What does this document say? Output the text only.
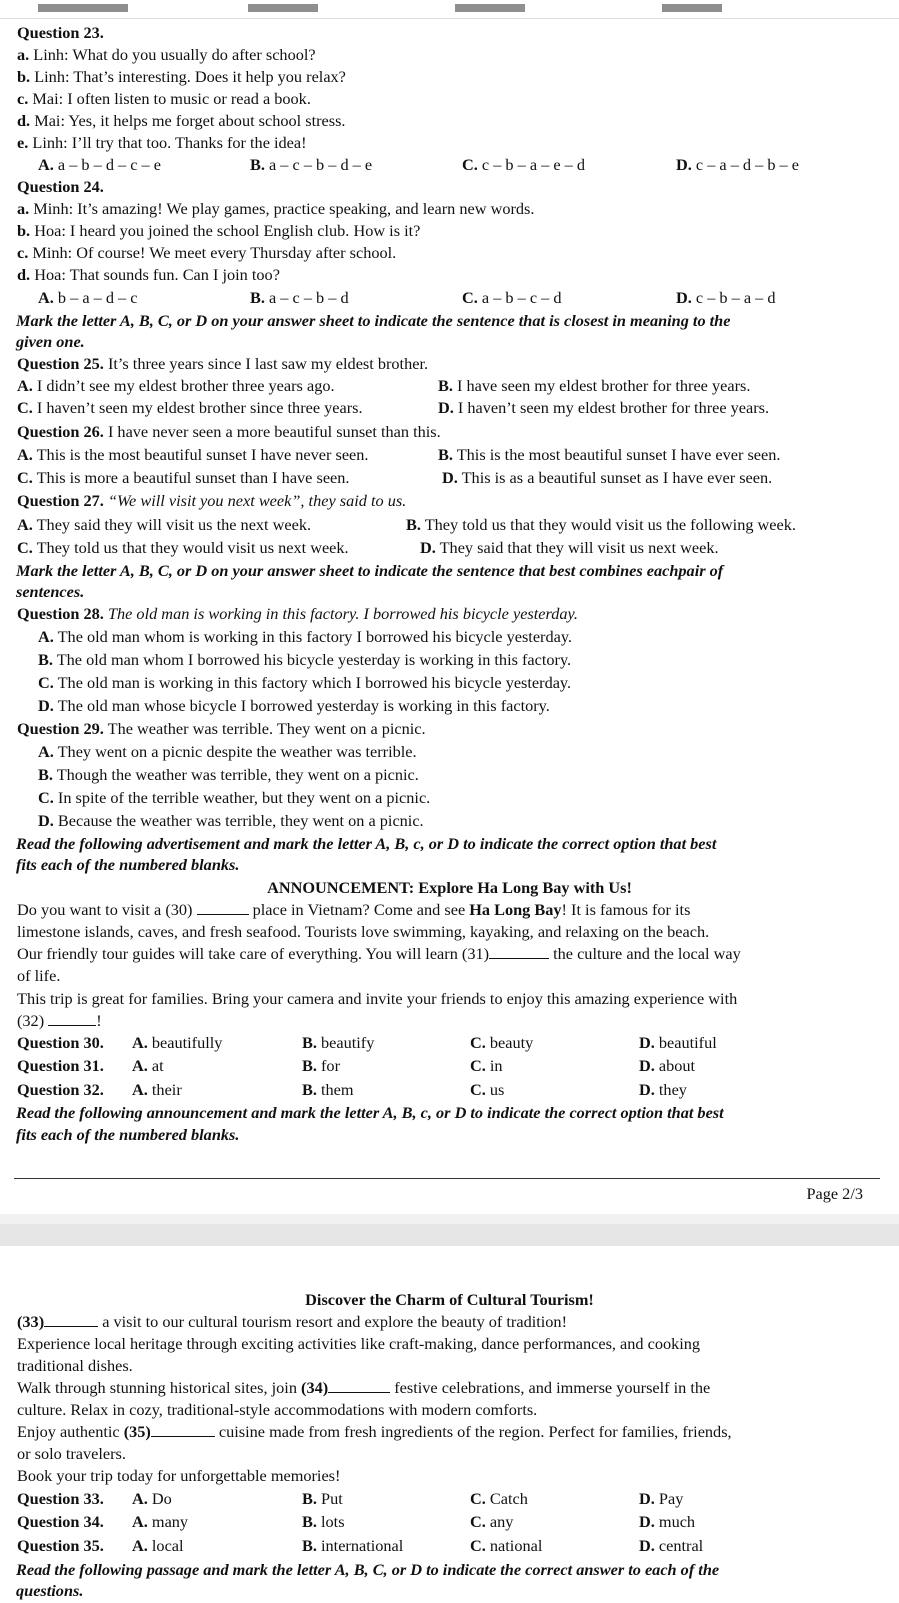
Question 23.
a. Linh: What do you usually do after school?
b. Linh: That’s interesting. Does it help you relax?
c. Mai: I often listen to music or read a book.
d. Mai: Yes, it helps me forget about school stress.
e. Linh: I’ll try that too. Thanks for the idea!
A. a – b – d – c – e	B. a – c – b – d – e	C. c – b – a – e – d	D. c – a – d – b – e
Question 24.
a. Minh: It’s amazing! We play games, practice speaking, and learn new words.
b. Hoa: I heard you joined the school English club. How is it?
c. Minh: Of course! We meet every Thursday after school.
d. Hoa: That sounds fun. Can I join too?
A. b – a – d – c	B. a – c – b – d	C. a – b – c – d	D. c – b – a – d
Mark the letter A, B, C, or D on your answer sheet to indicate the sentence that is closest in meaning to the
given one.
Question 25. It’s three years since I last saw my eldest brother.
A. I didn’t see my eldest brother three years ago.	B. I have seen my eldest brother for three years.
C. I haven’t seen my eldest brother since three years.	D. I haven’t seen my eldest brother for three years.
Question 26. I have never seen a more beautiful sunset than this.
A. This is the most beautiful sunset I have never seen.	B. This is the most beautiful sunset I have ever seen.
C. This is more a beautiful sunset than I have seen.	D. This is as a beautiful sunset as I have ever seen.
Question 27. “We will visit you next week”, they said to us.
A. They said they will visit us the next week.	B. They told us that they would visit us the following week.
C. They told us that they would visit us next week.	D. They said that they will visit us next week.
Mark the letter A, B, C, or D on your answer sheet to indicate the sentence that best combines eachpair of
sentences.
Question 28. The old man is working in this factory. I borrowed his bicycle yesterday.
A. The old man whom is working in this factory I borrowed his bicycle yesterday.
B. The old man whom I borrowed his bicycle yesterday is working in this factory.
C. The old man is working in this factory which I borrowed his bicycle yesterday.
D. The old man whose bicycle I borrowed yesterday is working in this factory.
Question 29. The weather was terrible. They went on a picnic.
A. They went on a picnic despite the weather was terrible.
B. Though the weather was terrible, they went on a picnic.
C. In spite of the terrible weather, but they went on a picnic.
D. Because the weather was terrible, they went on a picnic.
Read the following advertisement and mark the letter A, B, c, or D to indicate the correct option that best
fits each of the numbered blanks.
ANNOUNCEMENT: Explore Ha Long Bay with Us!
Do you want to visit a (30)	place in Vietnam? Come and see Ha Long Bay! It is famous for its
limestone islands, caves, and fresh seafood. Tourists love swimming, kayaking, and relaxing on the beach.
Our friendly tour guides will take care of everything. You will learn (31)	the culture and the local way
of life.
This trip is great for families. Bring your camera and invite your friends to enjoy this amazing experience with
(32)	!
Question 30. A. beautifully	B. beautify	C. beauty	D. beautiful
Question 31. A. at	B. for	C. in	D. about
Question 32. A. their	B. them	C. us	D. they
Read the following announcement and mark the letter A, B, c, or D to indicate the correct option that best
fits each of the numbered blanks.
Page 2/3
Discover the Charm of Cultural Tourism!
(33)	a visit to our cultural tourism resort and explore the beauty of tradition!
Experience local heritage through exciting activities like craft-making, dance performances, and cooking
traditional dishes.
Walk through stunning historical sites, join (34)	festive celebrations, and immerse yourself in the
culture. Relax in cozy, traditional-style accommodations with modern comforts.
Enjoy authentic (35)	cuisine made from fresh ingredients of the region. Perfect for families, friends,
or solo travelers.
Book your trip today for unforgettable memories!
Question 33. A. Do	B. Put	C. Catch	D. Pay
Question 34. A. many	B. lots	C. any	D. much
Question 35. A. local	B. international	C. national	D. central
Read the following passage and mark the letter A, B, C, or D to indicate the correct answer to each of the
questions.
